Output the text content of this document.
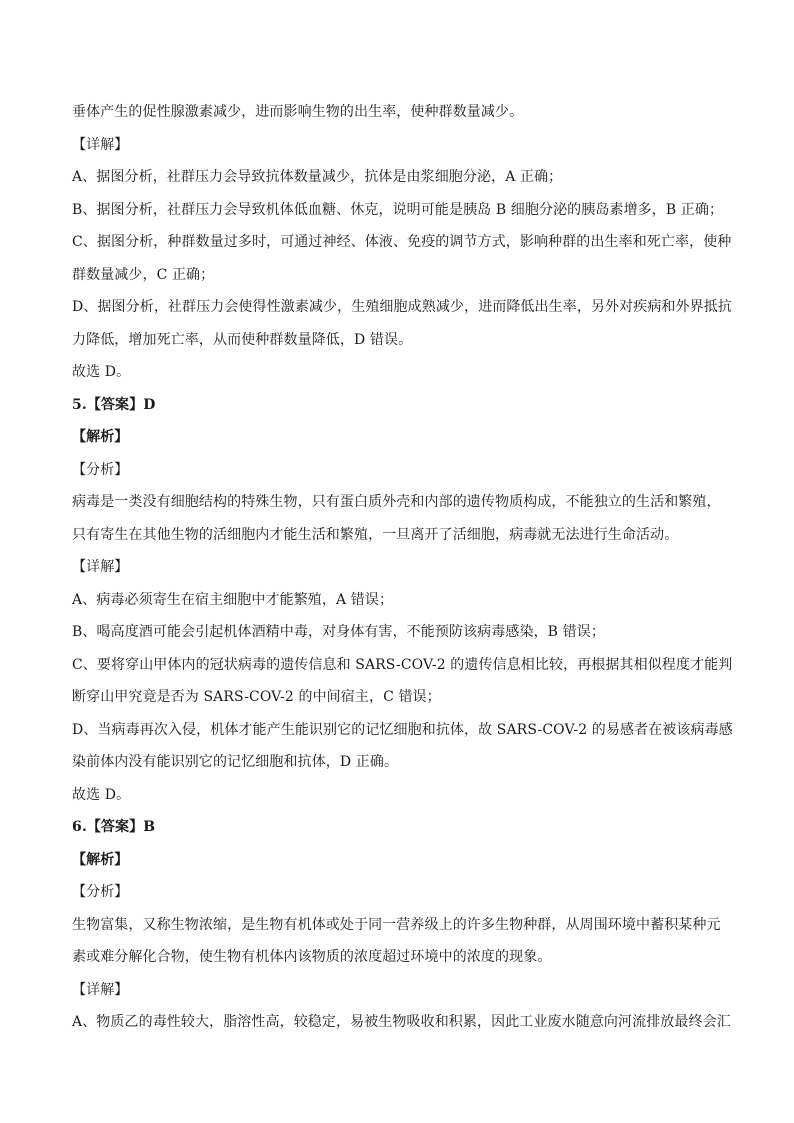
垂体产生的促性腺激素减少，进而影响生物的出生率，使种群数量减少。
【详解】
A、据图分析，社群压力会导致抗体数量减少，抗体是由浆细胞分泌，A 正确；
B、据图分析，社群压力会导致机体低血糖、休克，说明可能是胰岛 B 细胞分泌的胰岛素增多，B 正确；
C、据图分析，种群数量过多时，可通过神经、体液、免疫的调节方式，影响种群的出生率和死亡率，使种
群数量减少，C 正确；
D、据图分析，社群压力会使得性激素减少，生殖细胞成熟减少，进而降低出生率，另外对疾病和外界抵抗
力降低，增加死亡率，从而使种群数量降低，D 错误。
故选 D。
5.【答案】D
【解析】
【分析】
病毒是一类没有细胞结构的特殊生物，只有蛋白质外壳和内部的遗传物质构成，不能独立的生活和繁殖，
只有寄生在其他生物的活细胞内才能生活和繁殖，一旦离开了活细胞，病毒就无法进行生命活动。
【详解】
A、病毒必须寄生在宿主细胞中才能繁殖，A 错误；
B、喝高度酒可能会引起机体酒精中毒，对身体有害，不能预防该病毒感染，B 错误；
C、要将穿山甲体内的冠状病毒的遗传信息和 SARS-COV-2 的遗传信息相比较，再根据其相似程度才能判
断穿山甲究竟是否为 SARS-COV-2 的中间宿主，C 错误；
D、当病毒再次入侵，机体才能产生能识别它的记忆细胞和抗体，故 SARS-COV-2 的易感者在被该病毒感
染前体内没有能识别它的记忆细胞和抗体，D 正确。
故选 D。
6.【答案】B
【解析】
【分析】
生物富集，又称生物浓缩，是生物有机体或处于同一营养级上的许多生物种群，从周围环境中蓄积某种元
素或难分解化合物，使生物有机体内该物质的浓度超过环境中的浓度的现象。
【详解】
A、物质乙的毒性较大，脂溶性高，较稳定，易被生物吸收和积累，因此工业废水随意向河流排放最终会汇
